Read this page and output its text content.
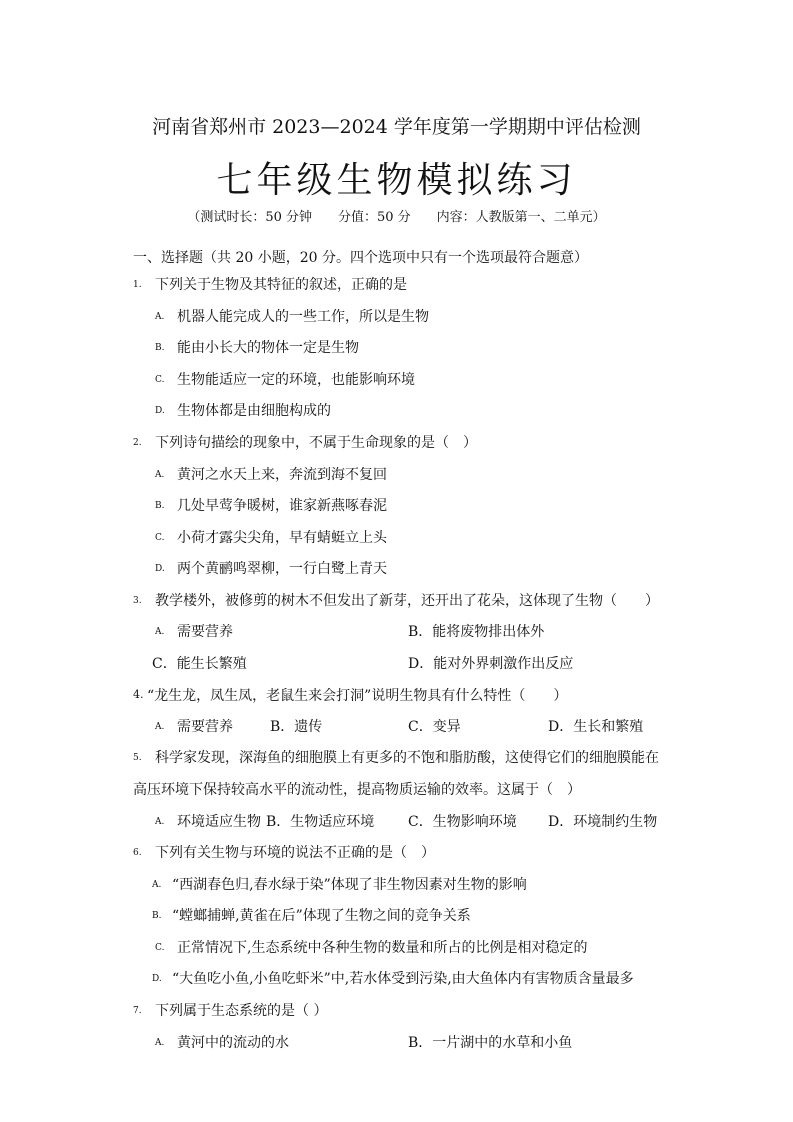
河南省郑州市 2023—2024 学年度第一学期期中评估检测
七年级生物模拟练习
（测试时长：50 分钟　　分值：50 分　　内容：人教版第一、二单元）
一、选择题（共 20 小题，20 分。四个选项中只有一个选项最符合题意）
1. 下列关于生物及其特征的叙述，正确的是
A. 机器人能完成人的一些工作，所以是生物
B. 能由小长大的物体一定是生物
C. 生物能适应一定的环境，也能影响环境
D. 生物体都是由细胞构成的
2. 下列诗句描绘的现象中，不属于生命现象的是（　）
A. 黄河之水天上来，奔流到海不复回
B. 几处早莺争暖树，谁家新燕啄春泥
C. 小荷才露尖尖角，早有蜻蜓立上头
D. 两个黄鹂鸣翠柳，一行白鹭上青天
3. 教学楼外，被修剪的树木不但发出了新芽，还开出了花朵，这体现了生物（　　）
A. 需要营养	B．能将废物排出体外
C．能生长繁殖	D．能对外界刺激作出反应
4. “龙生龙，凤生凤，老鼠生来会打洞”说明生物具有什么特性（　　）
A. 需要营养	B．遗传	C．变异	D．生长和繁殖
5. 科学家发现，深海鱼的细胞膜上有更多的不饱和脂肪酸，这使得它们的细胞膜能在
高压环境下保持较高水平的流动性，提高物质运输的效率。这属于（　）
A. 环境适应生物 B．生物适应环境 C．生物影响环境 D．环境制约生物
6. 下列有关生物与环境的说法不正确的是（　）
A. “西湖春色归,春水绿于染”体现了非生物因素对生物的影响
B. “螳螂捕蝉,黄雀在后”体现了生物之间的竞争关系
C. 正常情况下,生态系统中各种生物的数量和所占的比例是相对稳定的
D. “大鱼吃小鱼,小鱼吃虾米”中,若水体受到污染,由大鱼体内有害物质含量最多
7. 下列属于生态系统的是（ ）
A. 黄河中的流动的水	B．一片湖中的水草和小鱼
